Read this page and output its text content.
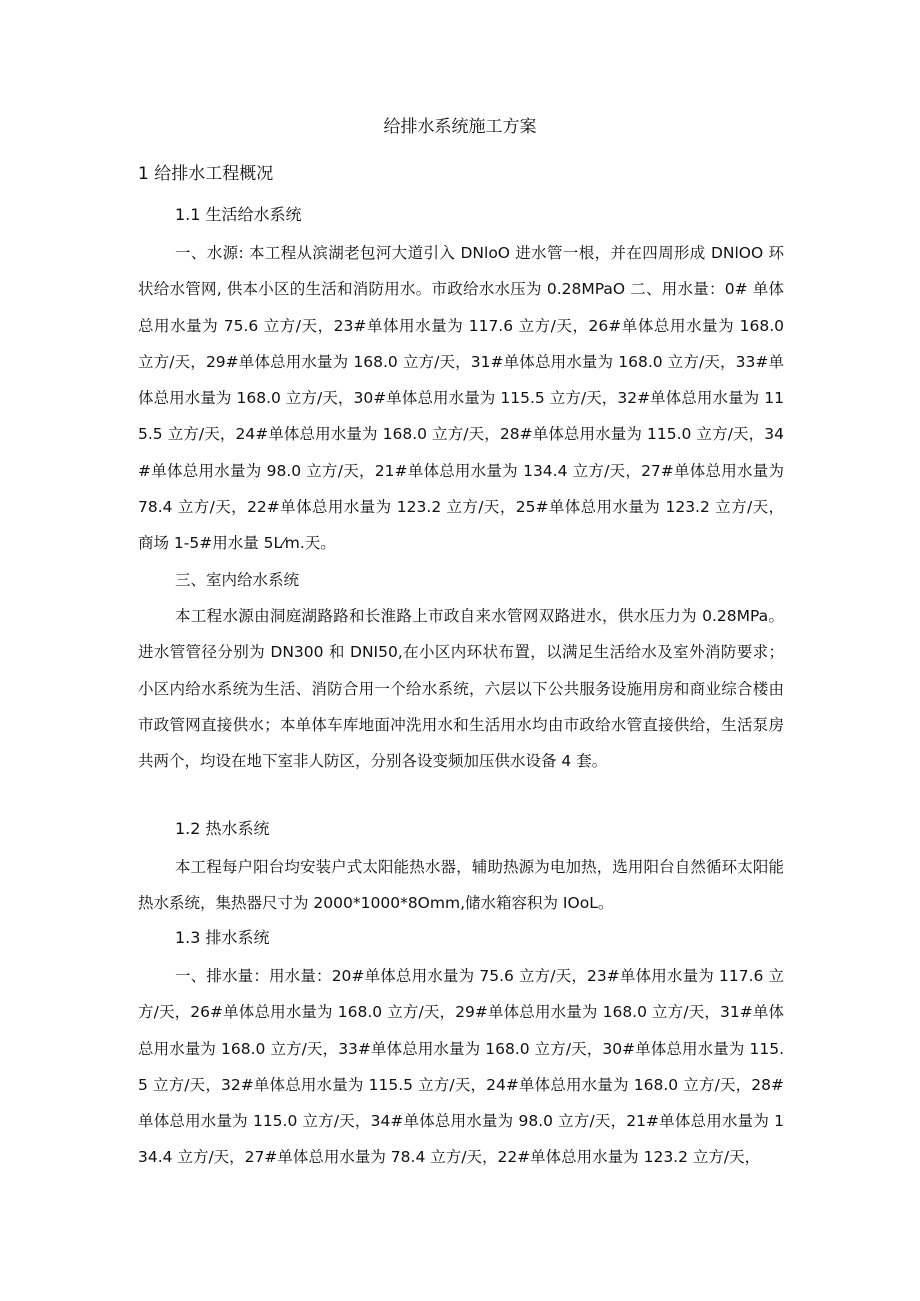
给排水系统施工方案
1 给排水工程概况
1.1 生活给水系统

一、水源: 本工程从滨湖老包河大道引入 DNloO 进水管一根，并在四周形成 DNlOO 环状给水管网, 供本小区的生活和消防用水。市政给水水压为 0.28MPaO 二、用水量：0# 单体总用水量为 75.6 立方/天，23#单体用水量为 117.6 立方/天，26#单体总用水量为 168.0 立方/天，29#单体总用水量为 168.0 立方/天，31#单体总用水量为 168.0 立方/天，33#单体总用水量为 168.0 立方/天，30#单体总用水量为 115.5 立方/天，32#单体总用水量为 115.5 立方/天，24#单体总用水量为 168.0 立方/天，28#单体总用水量为 115.0 立方/天，34#单体总用水量为 98.0 立方/天，21#单体总用水量为 134.4 立方/天，27#单体总用水量为 78.4 立方/天，22#单体总用水量为 123.2 立方/天，25#单体总用水量为 123.2 立方/天，商场 1-5#用水量 5L⁄m.天。

三、室内给水系统

本工程水源由洞庭湖路路和长淮路上市政自来水管网双路进水，供水压力为 0.28MPa。进水管管径分别为 DN300 和 DNI50,在小区内环状布置，以满足生活给水及室外消防要求；小区内给水系统为生活、消防合用一个给水系统，六层以下公共服务设施用房和商业综合楼由市政管网直接供水；本单体车库地面冲洗用水和生活用水均由市政给水管直接供给，生活泵房共两个，均设在地下室非人防区，分别各设变频加压供水设备 4 套。

1.2 热水系统

本工程每户阳台均安装户式太阳能热水器，辅助热源为电加热，选用阳台自然循环太阳能热水系统，集热器尺寸为 2000*1000*8Omm,储水箱容积为 IOoL。

1.3 排水系统

一、排水量：用水量：20#单体总用水量为 75.6 立方/天，23#单体用水量为 117.6 立方/天，26#单体总用水量为 168.0 立方/天，29#单体总用水量为 168.0 立方/天，31#单体总用水量为 168.0 立方/天，33#单体总用水量为 168.0 立方/天，30#单体总用水量为 115.5 立方/天，32#单体总用水量为 115.5 立方/天，24#单体总用水量为 168.0 立方/天，28#单体总用水量为 115.0 立方/天，34#单体总用水量为 98.0 立方/天，21#单体总用水量为 134.4 立方/天，27#单体总用水量为 78.4 立方/天，22#单体总用水量为 123.2 立方/天，
